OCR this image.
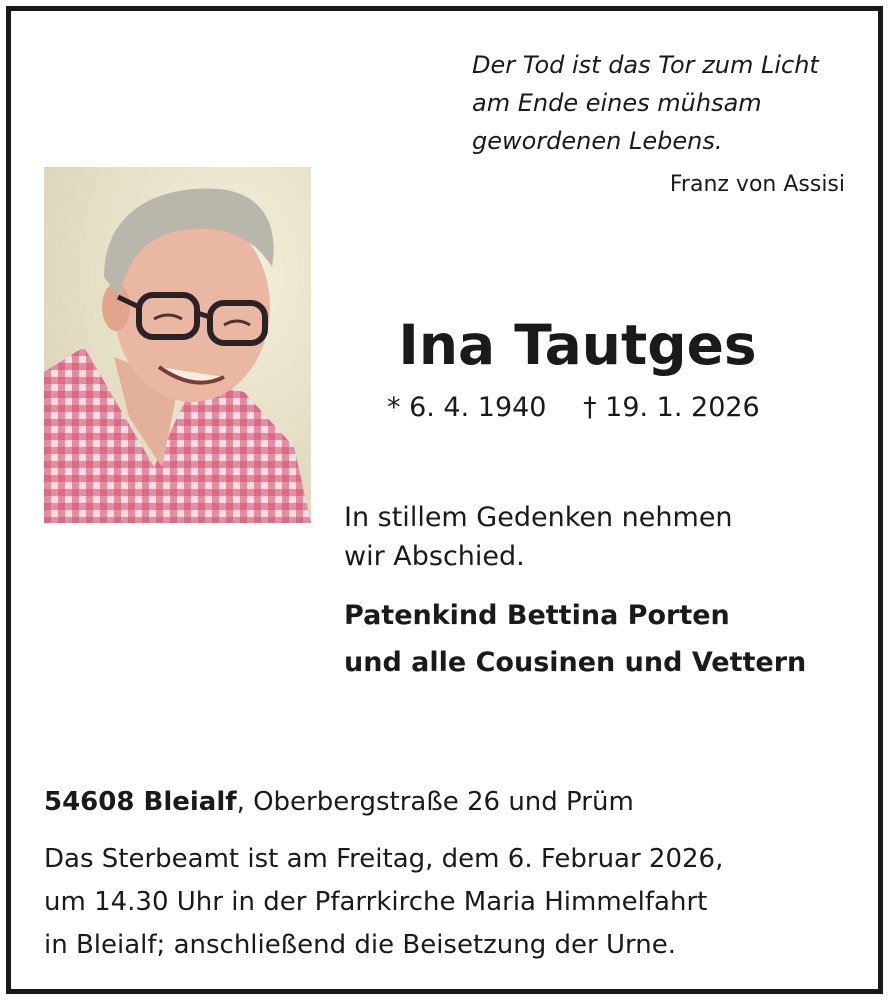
Der Tod ist das Tor zum Licht
am Ende eines mühsam
gewordenen Lebens.
Franz von Assisi
Ina Tautges
* 6. 4. 1940 † 19. 1. 2026
In stillem Gedenken nehmen
wir Abschied.
Patenkind Bettina Porten
und alle Cousinen und Vettern
54608 Bleialf, Oberbergstraße 26 und Prüm
Das Sterbeamt ist am Freitag, dem 6. Februar 2026,
um 14.30 Uhr in der Pfarrkirche Maria Himmelfahrt
in Bleialf; anschließend die Beisetzung der Urne.
